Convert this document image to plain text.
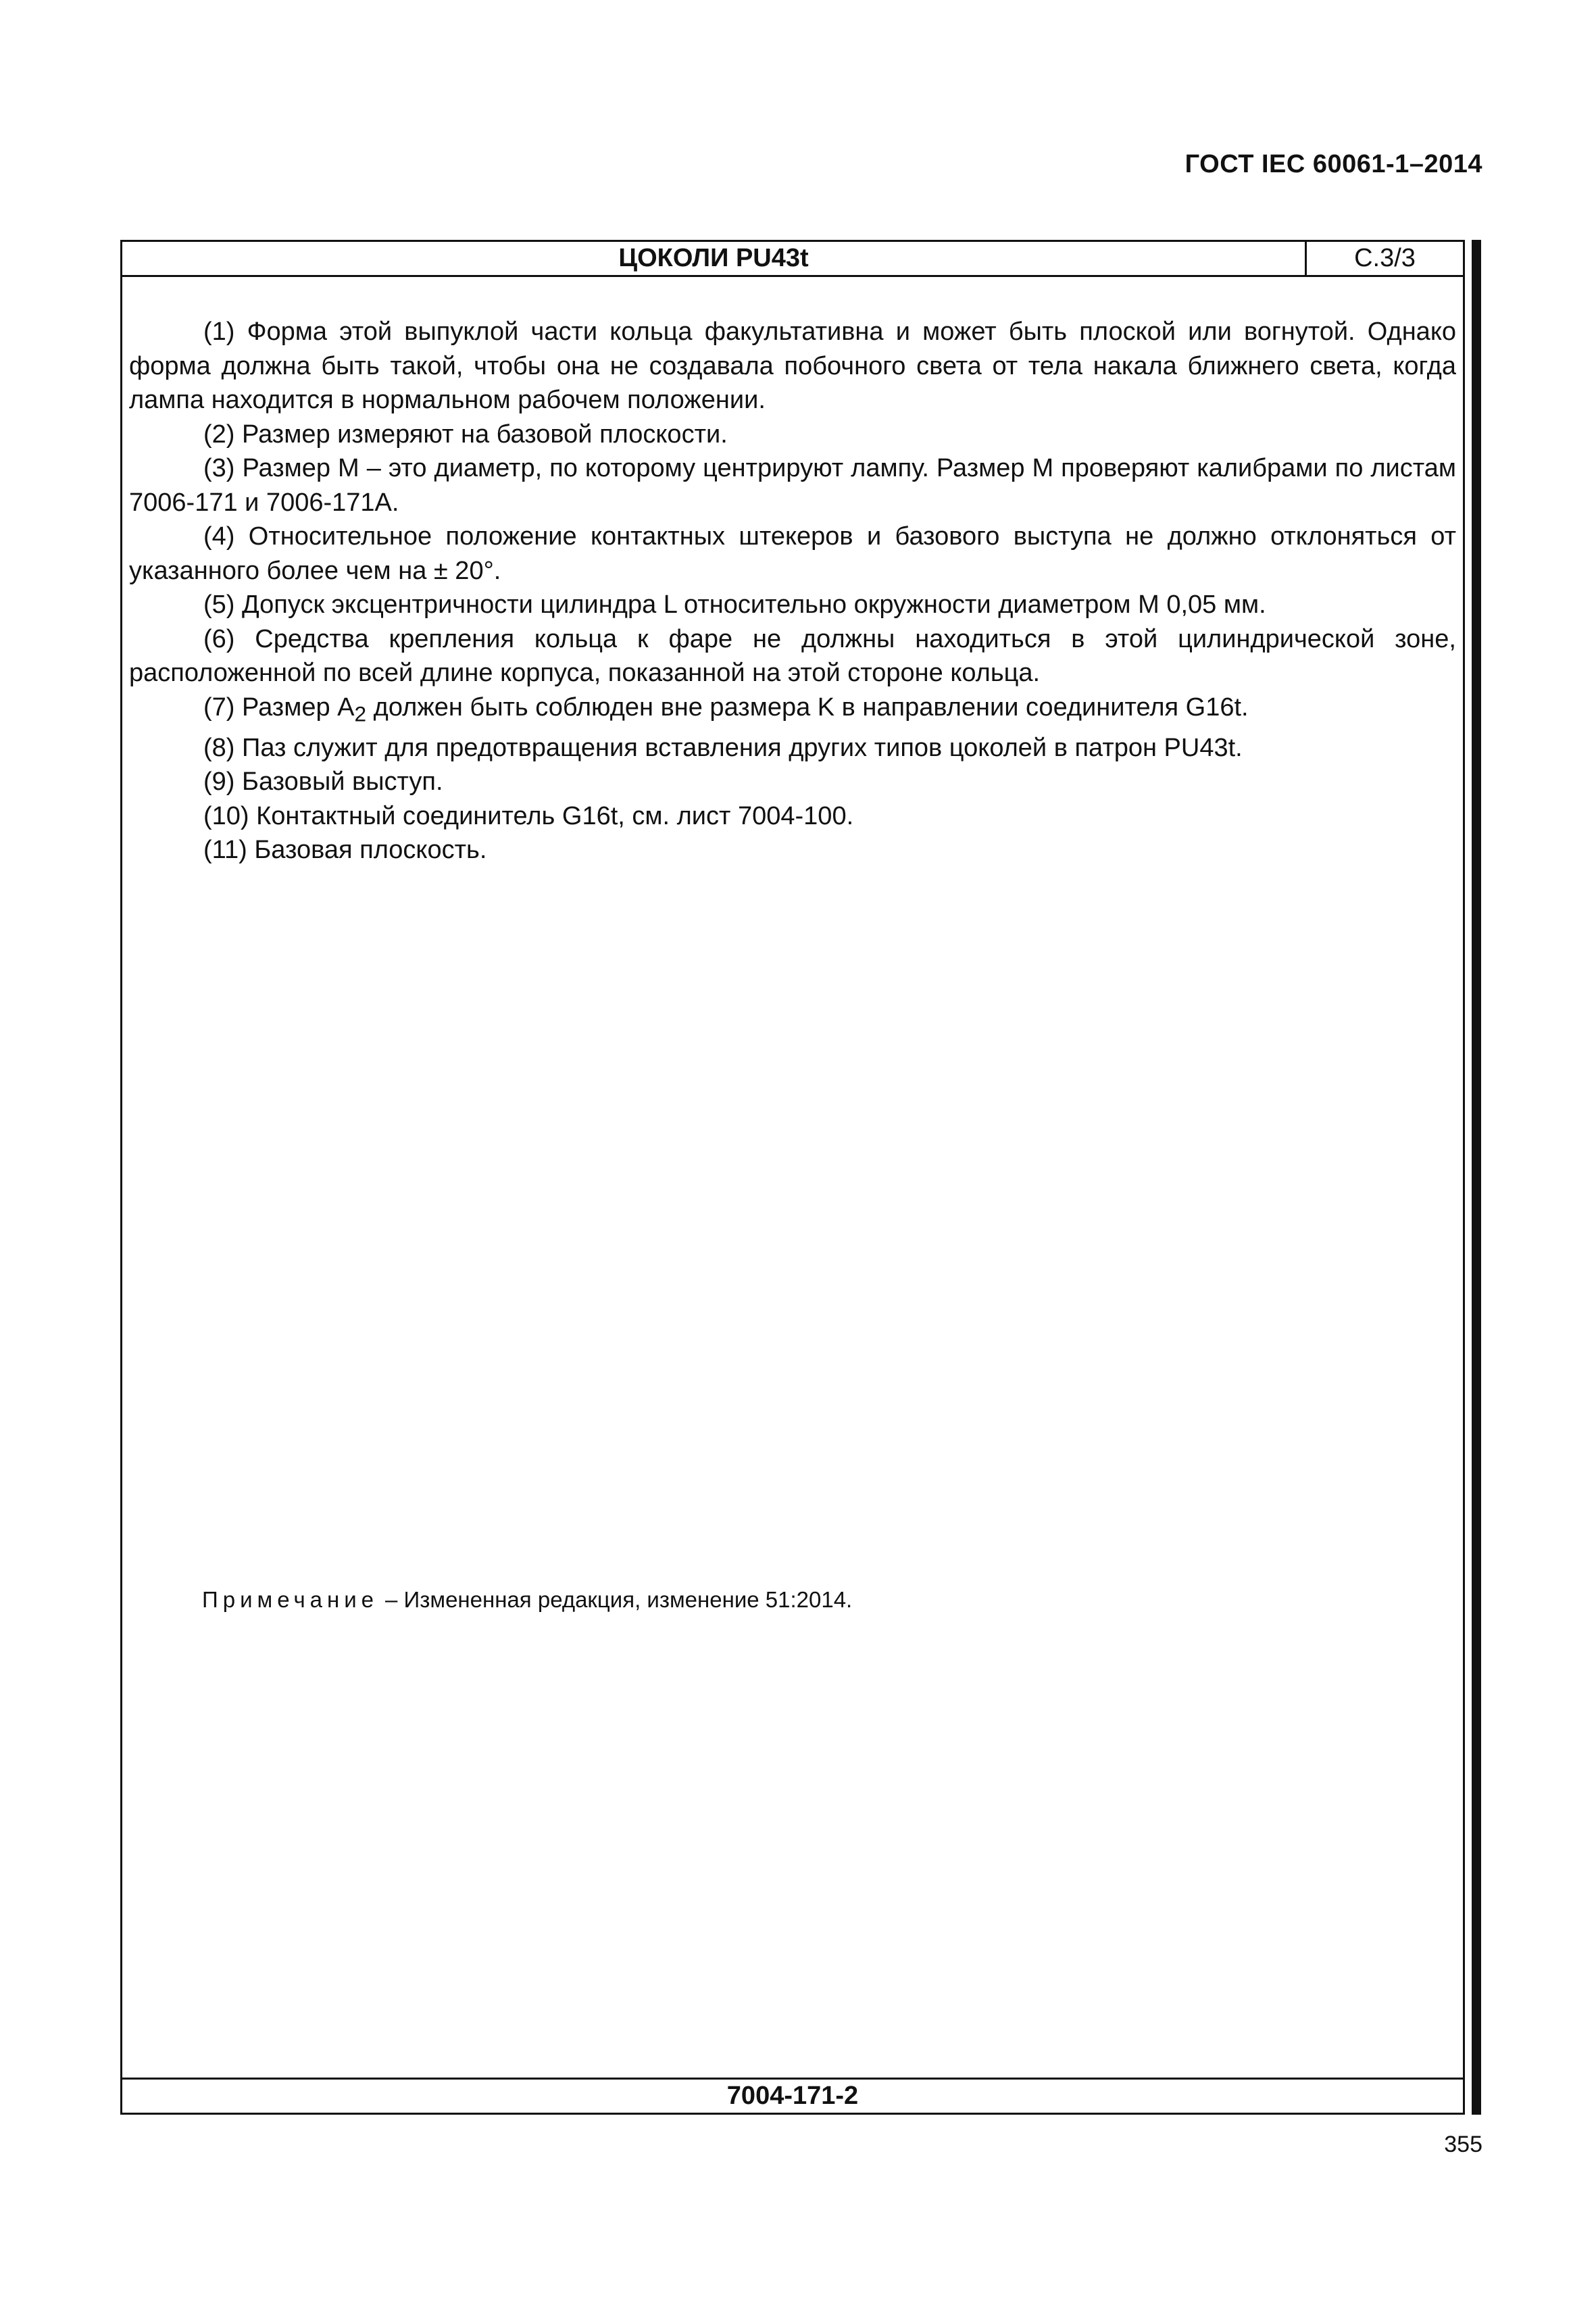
ГОСТ IEC 60061-1–2014
ЦОКОЛИ PU43t	С.3/3

(1) Форма этой выпуклой части кольца факультативна и может быть плоской или вогнутой. Однако форма должна быть такой, чтобы она не создавала побочного света от тела накала ближнего света, когда лампа находится в нормальном рабочем положении.

(2) Размер измеряют на базовой плоскости.

(3) Размер M – это диаметр, по которому центрируют лампу. Размер M проверяют калибрами по листам 7006-171 и 7006-171A.

(4) Относительное положение контактных штекеров и базового выступа не должно отклоняться от указанного более чем на ± 20°.

(5) Допуск эксцентричности цилиндра L относительно окружности диаметром M 0,05 мм.

(6) Средства крепления кольца к фаре не должны находиться в этой цилиндрической зоне, расположенной по всей длине корпуса, показанной на этой стороне кольца.

(7) Размер $A_2$ должен быть соблюден вне размера K в направлении соединителя G16t.

(8) Паз служит для предотвращения вставления других типов цоколей в патрон PU43t.

(9) Базовый выступ.

(10) Контактный соединитель G16t, см. лист 7004-100.

(11) Базовая плоскость.

Примечание – Измененная редакция, изменение 51:2014.
7004-171-2
355
